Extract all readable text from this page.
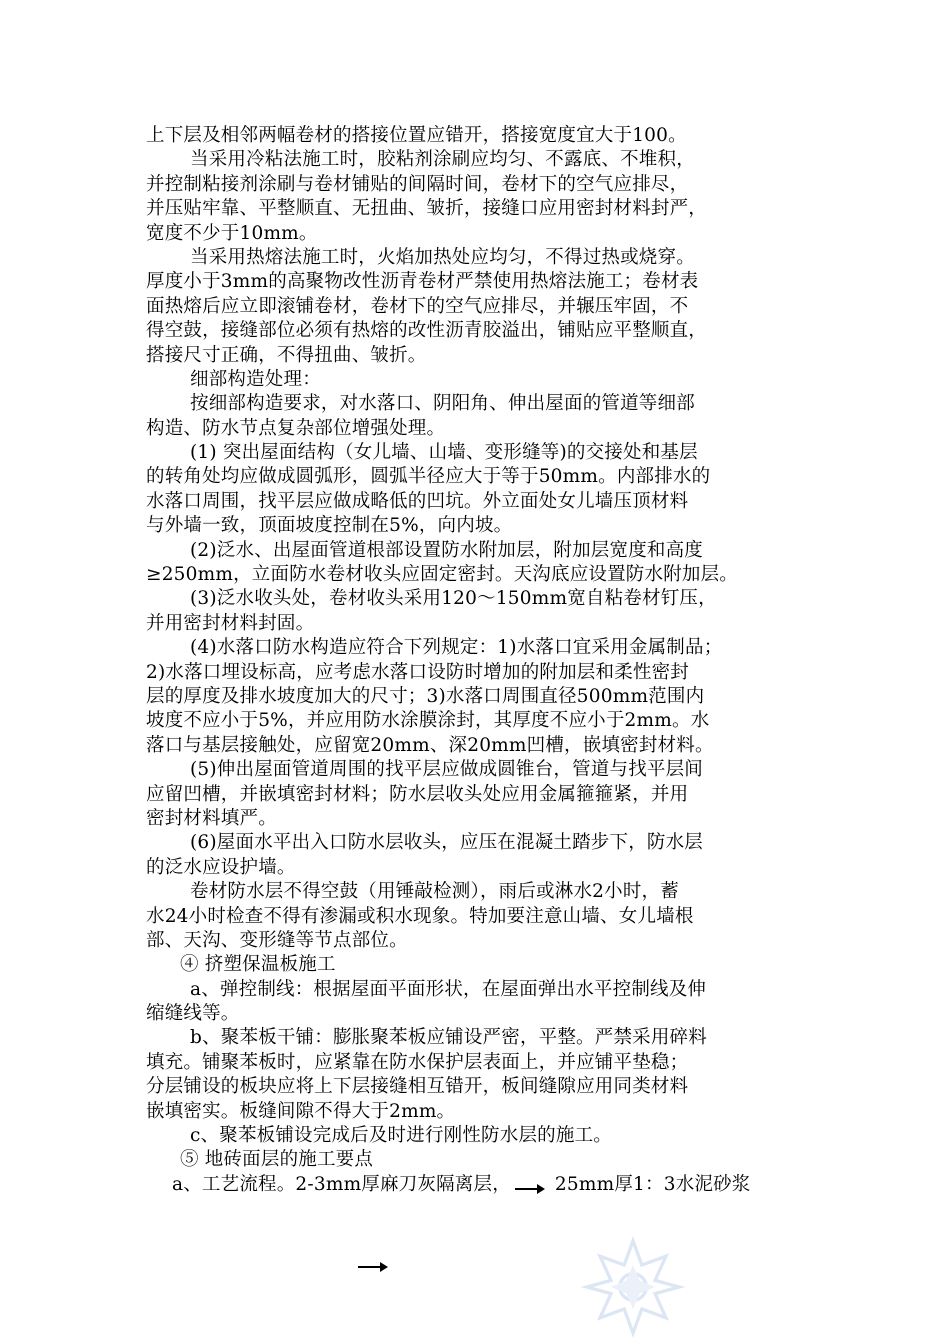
上下层及相邻两幅卷材的搭接位置应错开，搭接宽度宜大于100。
当采用冷粘法施工时，胶粘剂涂刷应均匀、不露底、不堆积，
并控制粘接剂涂刷与卷材铺贴的间隔时间，卷材下的空气应排尽，
并压贴牢靠、平整顺直、无扭曲、皱折，接缝口应用密封材料封严，
宽度不少于10mm。
当采用热熔法施工时，火焰加热处应均匀，不得过热或烧穿。
厚度小于3mm的高聚物改性沥青卷材严禁使用热熔法施工；卷材表
面热熔后应立即滚铺卷材，卷材下的空气应排尽，并辗压牢固，不
得空鼓，接缝部位必须有热熔的改性沥青胶溢出，铺贴应平整顺直，
搭接尺寸正确，不得扭曲、皱折。
细部构造处理：
按细部构造要求，对水落口、阴阳角、伸出屋面的管道等细部
构造、防水节点复杂部位增强处理。
(1) 突出屋面结构（女儿墙、山墙、变形缝等)的交接处和基层
的转角处均应做成圆弧形，圆弧半径应大于等于50mm。内部排水的
水落口周围，找平层应做成略低的凹坑。外立面处女儿墙压顶材料
与外墙一致，顶面坡度控制在5%，向内坡。
(2)泛水、出屋面管道根部设置防水附加层，附加层宽度和高度
≥250mm，立面防水卷材收头应固定密封。天沟底应设置防水附加层。
(3)泛水收头处，卷材收头采用120～150mm宽自粘卷材钉压，
并用密封材料封固。
(4)水落口防水构造应符合下列规定：1)水落口宜采用金属制品；
2)水落口埋设标高，应考虑水落口设防时增加的附加层和柔性密封
层的厚度及排水坡度加大的尺寸；3)水落口周围直径500mm范围内
坡度不应小于5%，并应用防水涂膜涂封，其厚度不应小于2mm。水
落口与基层接触处，应留宽20mm、深20mm凹槽，嵌填密封材料。
(5)伸出屋面管道周围的找平层应做成圆锥台，管道与找平层间
应留凹槽，并嵌填密封材料；防水层收头处应用金属箍箍紧，并用
密封材料填严。
(6)屋面水平出入口防水层收头，应压在混凝土踏步下，防水层
的泛水应设护墙。
卷材防水层不得空鼓（用锤敲检测），雨后或淋水2小时，蓄
水24小时检查不得有渗漏或积水现象。特加要注意山墙、女儿墙根
部、天沟、变形缝等节点部位。
④ 挤塑保温板施工
a、弹控制线：根据屋面平面形状，在屋面弹出水平控制线及伸
缩缝线等。
b、聚苯板干铺：膨胀聚苯板应铺设严密，平整。严禁采用碎料
填充。铺聚苯板时，应紧靠在防水保护层表面上，并应铺平垫稳；
分层铺设的板块应将上下层接缝相互错开，板间缝隙应用同类材料
嵌填密实。板缝间隙不得大于2mm。
c、聚苯板铺设完成后及时进行刚性防水层的施工。
⑤ 地砖面层的施工要点
a、工艺流程。2-3mm厚麻刀灰隔离层， 25mm厚1：3水泥砂浆
